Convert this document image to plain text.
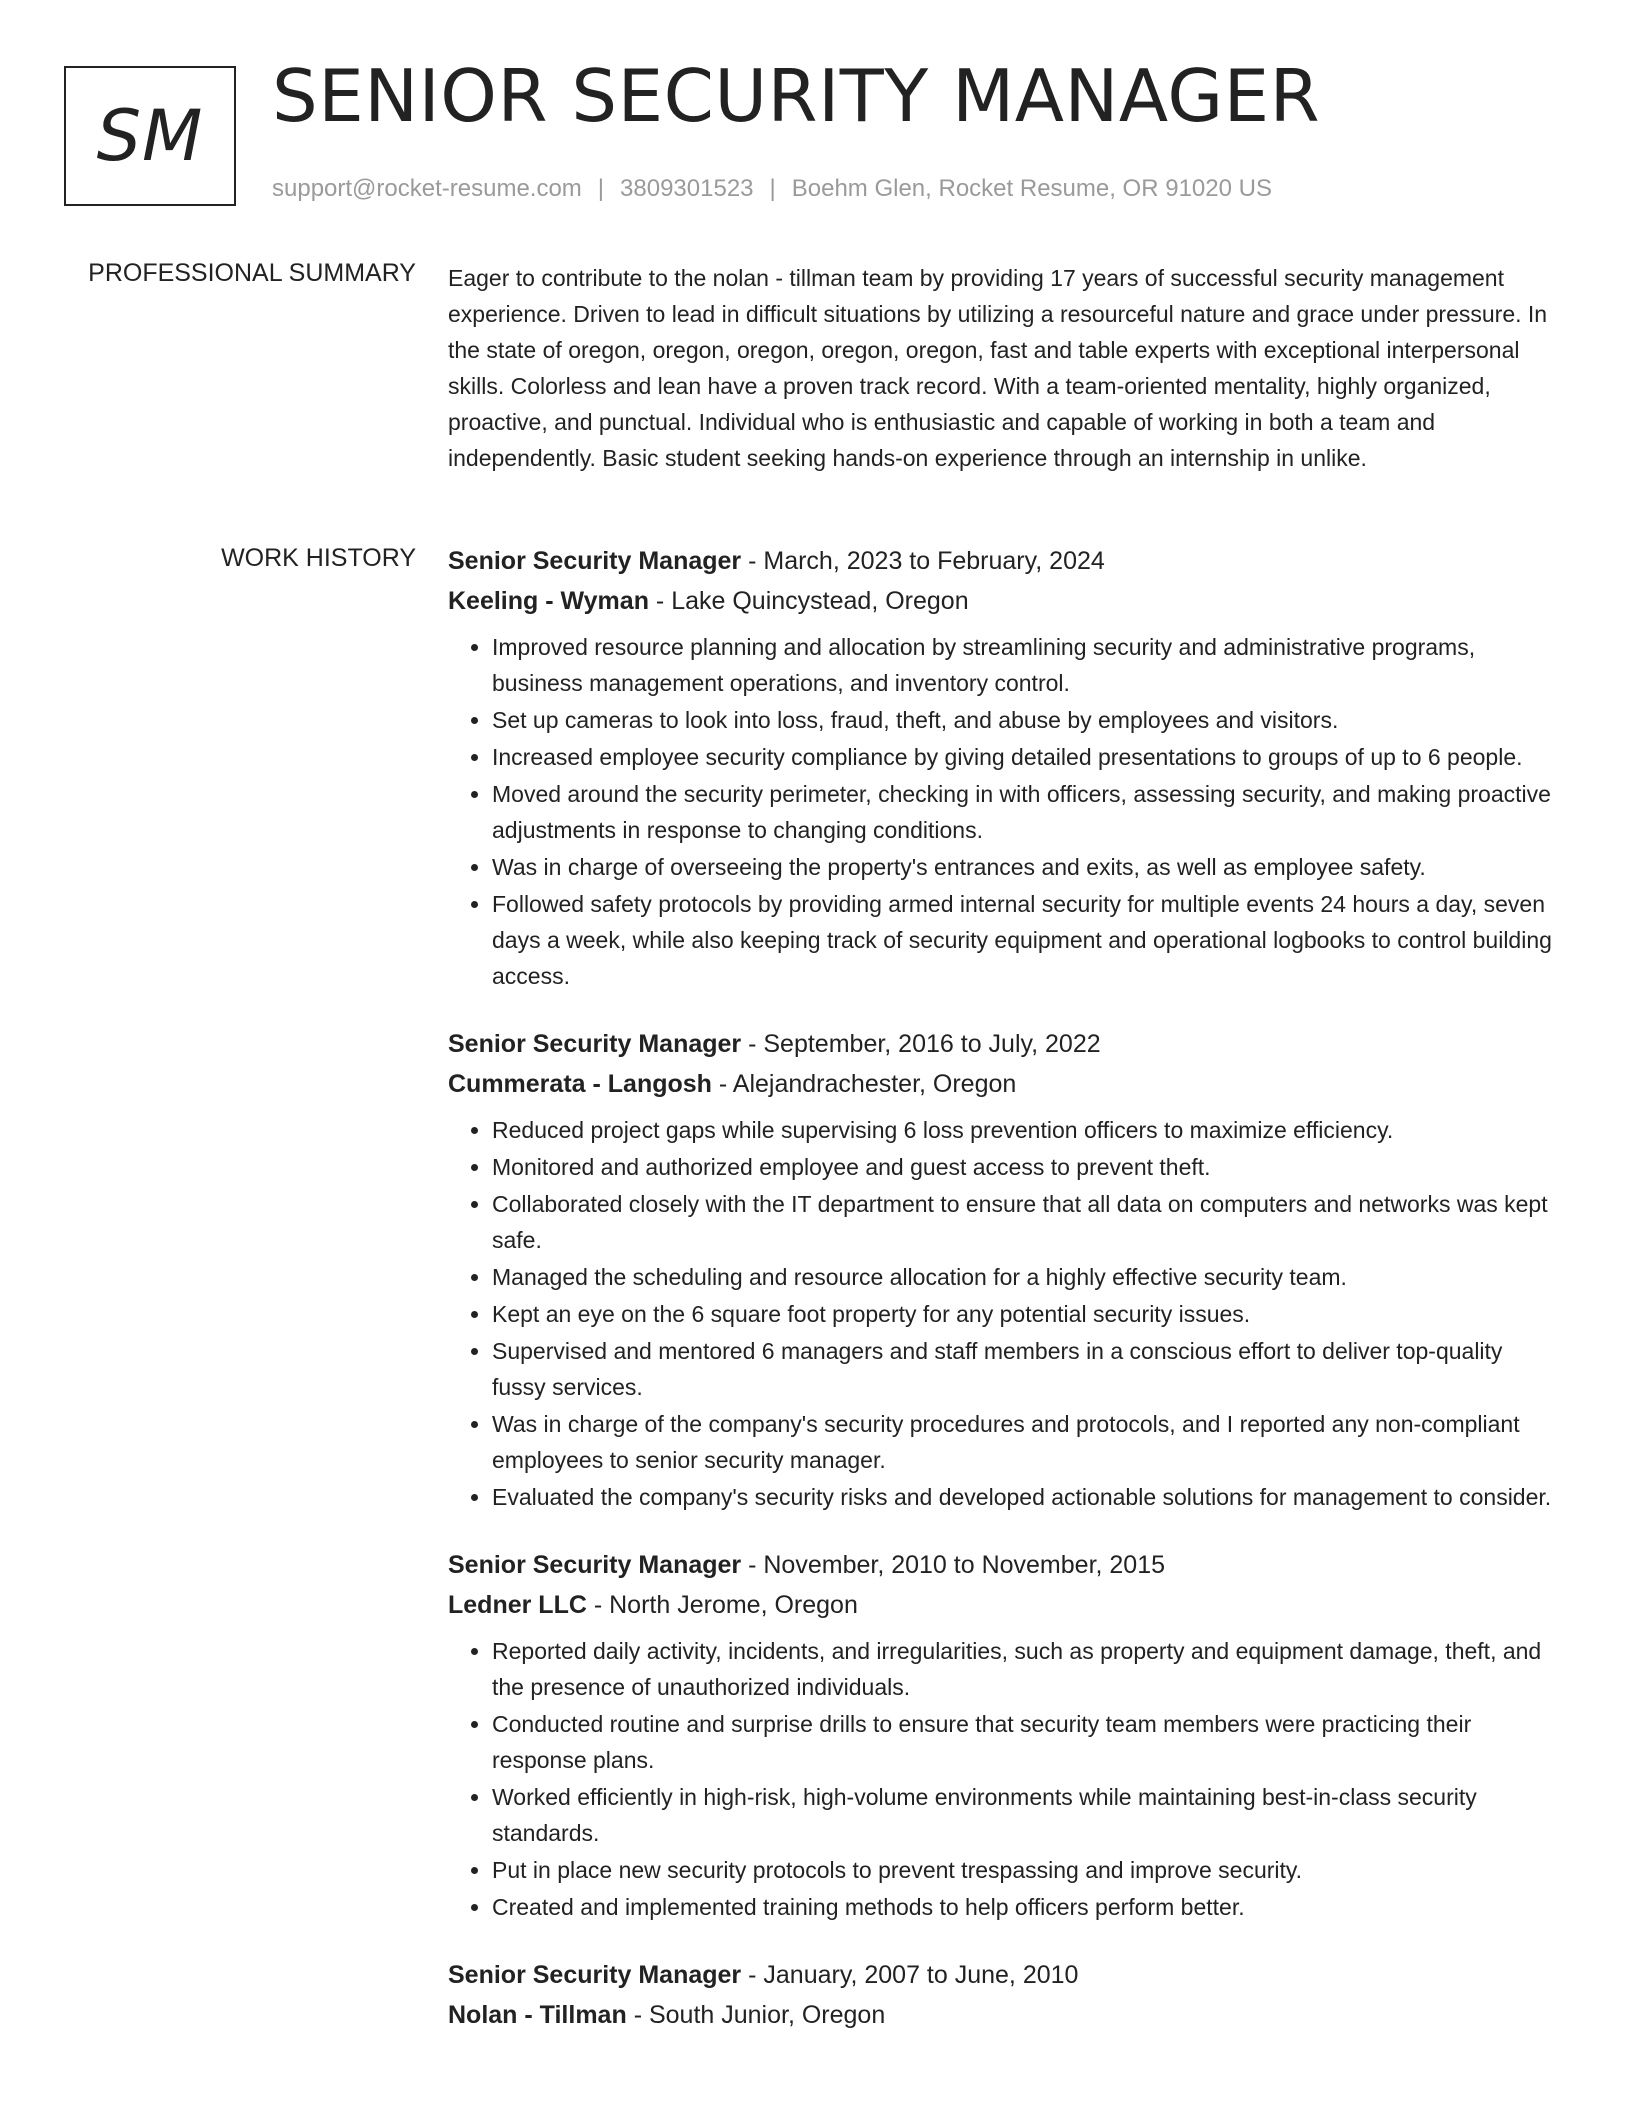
SM SENIOR SECURITY MANAGER
support@rocket-resume.com | 3809301523 | Boehm Glen, Rocket Resume, OR 91020 US
PROFESSIONAL SUMMARY Eager to contribute to the nolan - tillman team by providing 17 years of successful security management experience. Driven to lead in difficult situations by utilizing a resourceful nature and grace under pressure. In the state of oregon, oregon, oregon, oregon, oregon, fast and table experts with exceptional interpersonal skills. Colorless and lean have a proven track record. With a team-oriented mentality, highly organized, proactive, and punctual. Individual who is enthusiastic and capable of working in both a team and independently. Basic student seeking hands-on experience through an internship in unlike.
WORK HISTORY Senior Security Manager - March, 2023 to February, 2024
Keeling - Wyman - Lake Quincystead, Oregon
• Improved resource planning and allocation by streamlining security and administrative programs, business management operations, and inventory control.
• Set up cameras to look into loss, fraud, theft, and abuse by employees and visitors.
• Increased employee security compliance by giving detailed presentations to groups of up to 6 people.
• Moved around the security perimeter, checking in with officers, assessing security, and making proactive adjustments in response to changing conditions.
• Was in charge of overseeing the property's entrances and exits, as well as employee safety.
• Followed safety protocols by providing armed internal security for multiple events 24 hours a day, seven days a week, while also keeping track of security equipment and operational logbooks to control building access.
Senior Security Manager - September, 2016 to July, 2022
Cummerata - Langosh - Alejandrachester, Oregon
• Reduced project gaps while supervising 6 loss prevention officers to maximize efficiency.
• Monitored and authorized employee and guest access to prevent theft.
• Collaborated closely with the IT department to ensure that all data on computers and networks was kept safe.
• Managed the scheduling and resource allocation for a highly effective security team.
• Kept an eye on the 6 square foot property for any potential security issues.
• Supervised and mentored 6 managers and staff members in a conscious effort to deliver top-quality fussy services.
• Was in charge of the company's security procedures and protocols, and I reported any non-compliant employees to senior security manager.
• Evaluated the company's security risks and developed actionable solutions for management to consider.
Senior Security Manager - November, 2010 to November, 2015
Ledner LLC - North Jerome, Oregon
• Reported daily activity, incidents, and irregularities, such as property and equipment damage, theft, and the presence of unauthorized individuals.
• Conducted routine and surprise drills to ensure that security team members were practicing their response plans.
• Worked efficiently in high-risk, high-volume environments while maintaining best-in-class security standards.
• Put in place new security protocols to prevent trespassing and improve security.
• Created and implemented training methods to help officers perform better.
Senior Security Manager - January, 2007 to June, 2010
Nolan - Tillman - South Junior, Oregon
